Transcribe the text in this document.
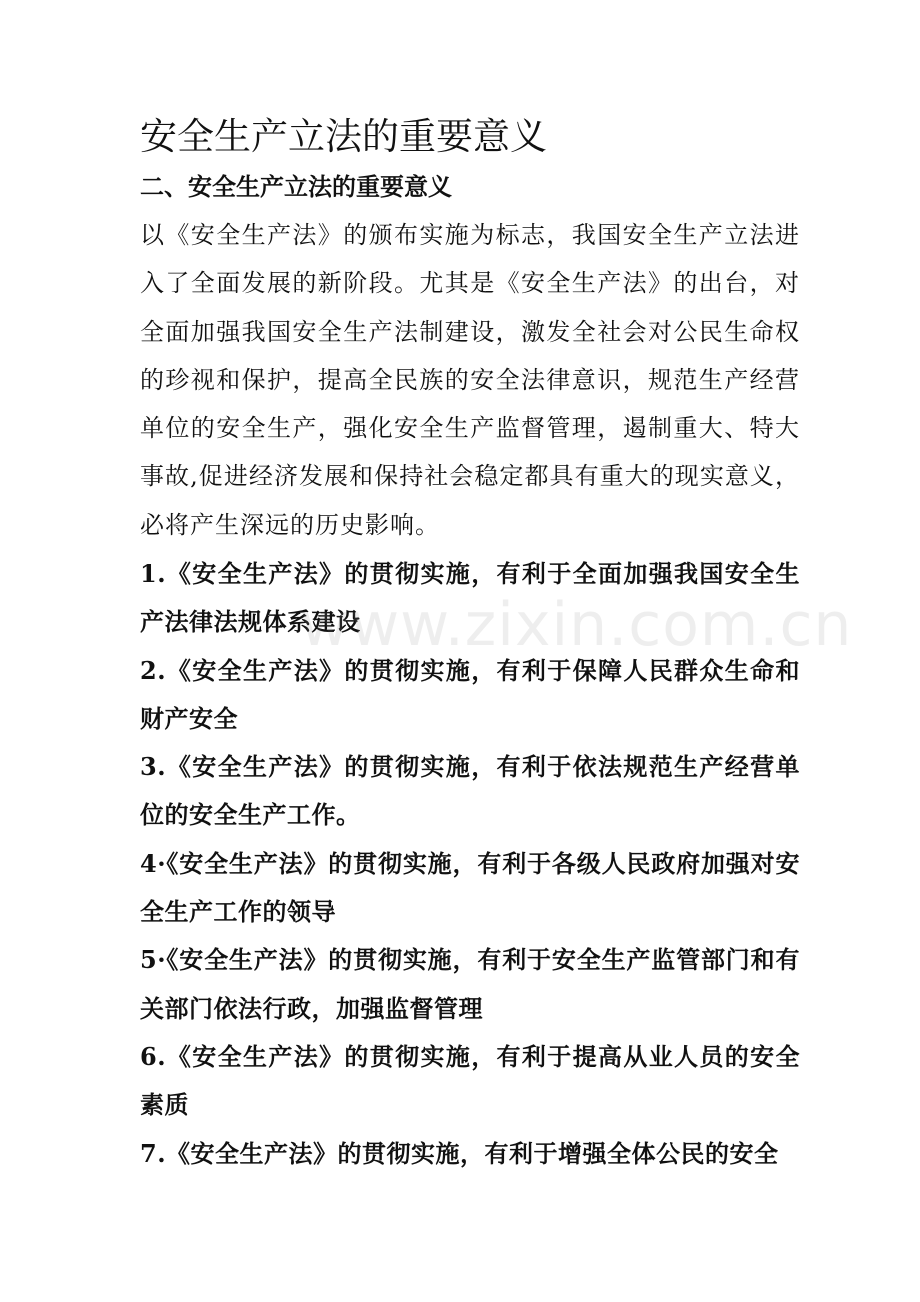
安全生产立法的重要意义
二、安全生产立法的重要意义

以《安全生产法》的颁布实施为标志，我国安全生产立法进入了全面发展的新阶段。尤其是《安全生产法》的出台，对全面加强我国安全生产法制建设，激发全社会对公民生命权的珍视和保护，提高全民族的安全法律意识，规范生产经营单位的安全生产，强化安全生产监督管理，遏制重大、特大事故,促进经济发展和保持社会稳定都具有重大的现实意义，必将产生深远的历史影响。

1.《安全生产法》的贯彻实施，有利于全面加强我国安全生产法律法规体系建设
2.《安全生产法》的贯彻实施，有利于保障人民群众生命和财产安全
3.《安全生产法》的贯彻实施，有利于依法规范生产经营单位的安全生产工作。
4·《安全生产法》的贯彻实施，有利于各级人民政府加强对安全生产工作的领导
5·《安全生产法》的贯彻实施，有利于安全生产监管部门和有关部门依法行政，加强监督管理
6.《安全生产法》的贯彻实施，有利于提高从业人员的安全素质
7.《安全生产法》的贯彻实施，有利于增强全体公民的安全
www.zixin.com.cn
